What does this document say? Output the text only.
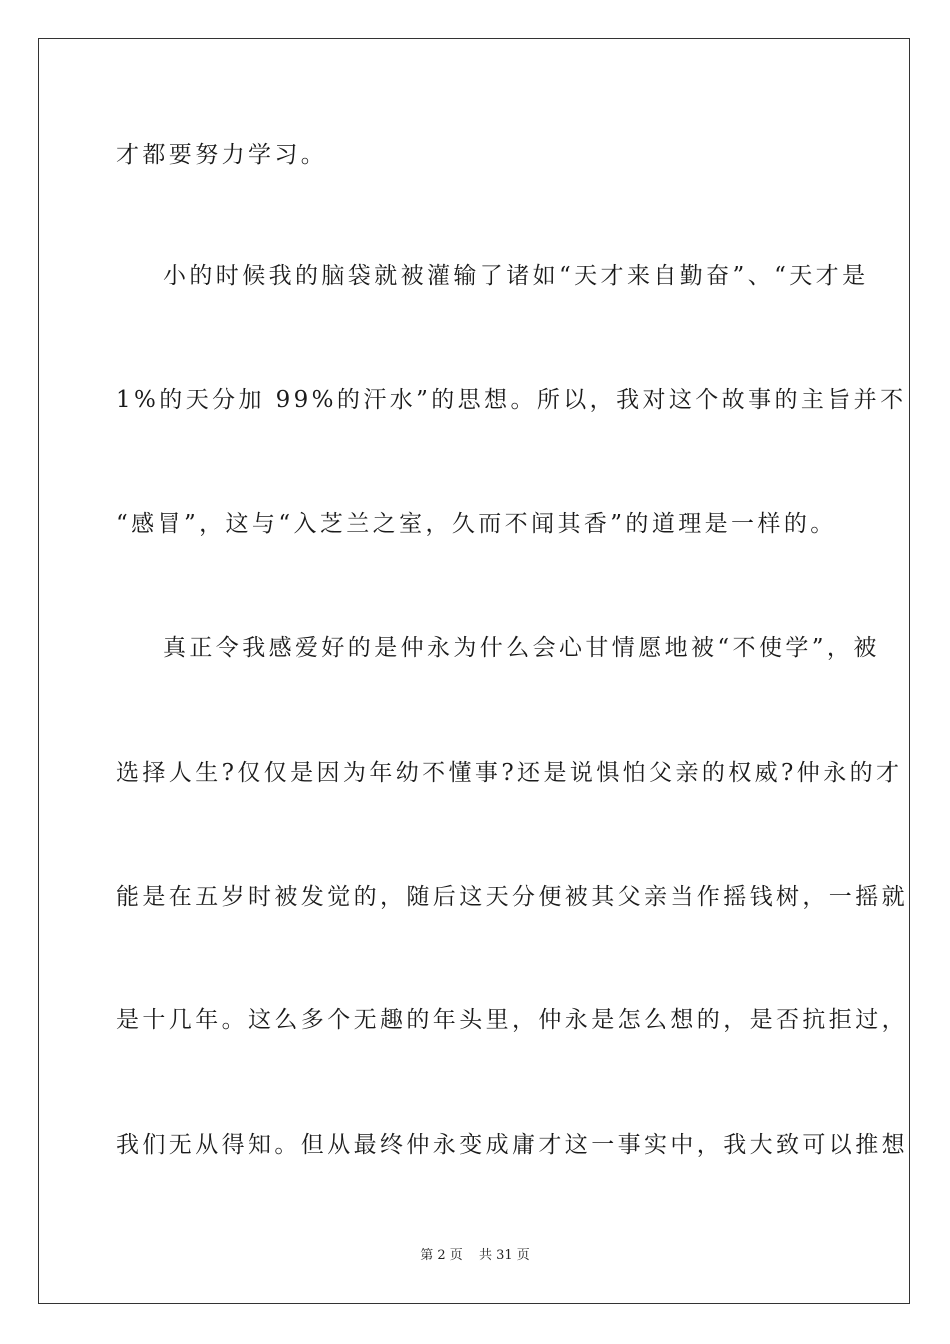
才都要努力学习。
小的时候我的脑袋就被灌输了诸如“天才来自勤奋”、“天才是
1%的天分加 99%的汗水”的思想。所以，我对这个故事的主旨并不
“感冒”，这与“入芝兰之室，久而不闻其香”的道理是一样的。
真正令我感爱好的是仲永为什么会心甘情愿地被“不使学”，被
选择人生?仅仅是因为年幼不懂事?还是说惧怕父亲的权威?仲永的才
能是在五岁时被发觉的，随后这天分便被其父亲当作摇钱树，一摇就
是十几年。这么多个无趣的年头里，仲永是怎么想的，是否抗拒过，
我们无从得知。但从最终仲永变成庸才这一事实中，我大致可以推想
第 2 页 共 31 页
